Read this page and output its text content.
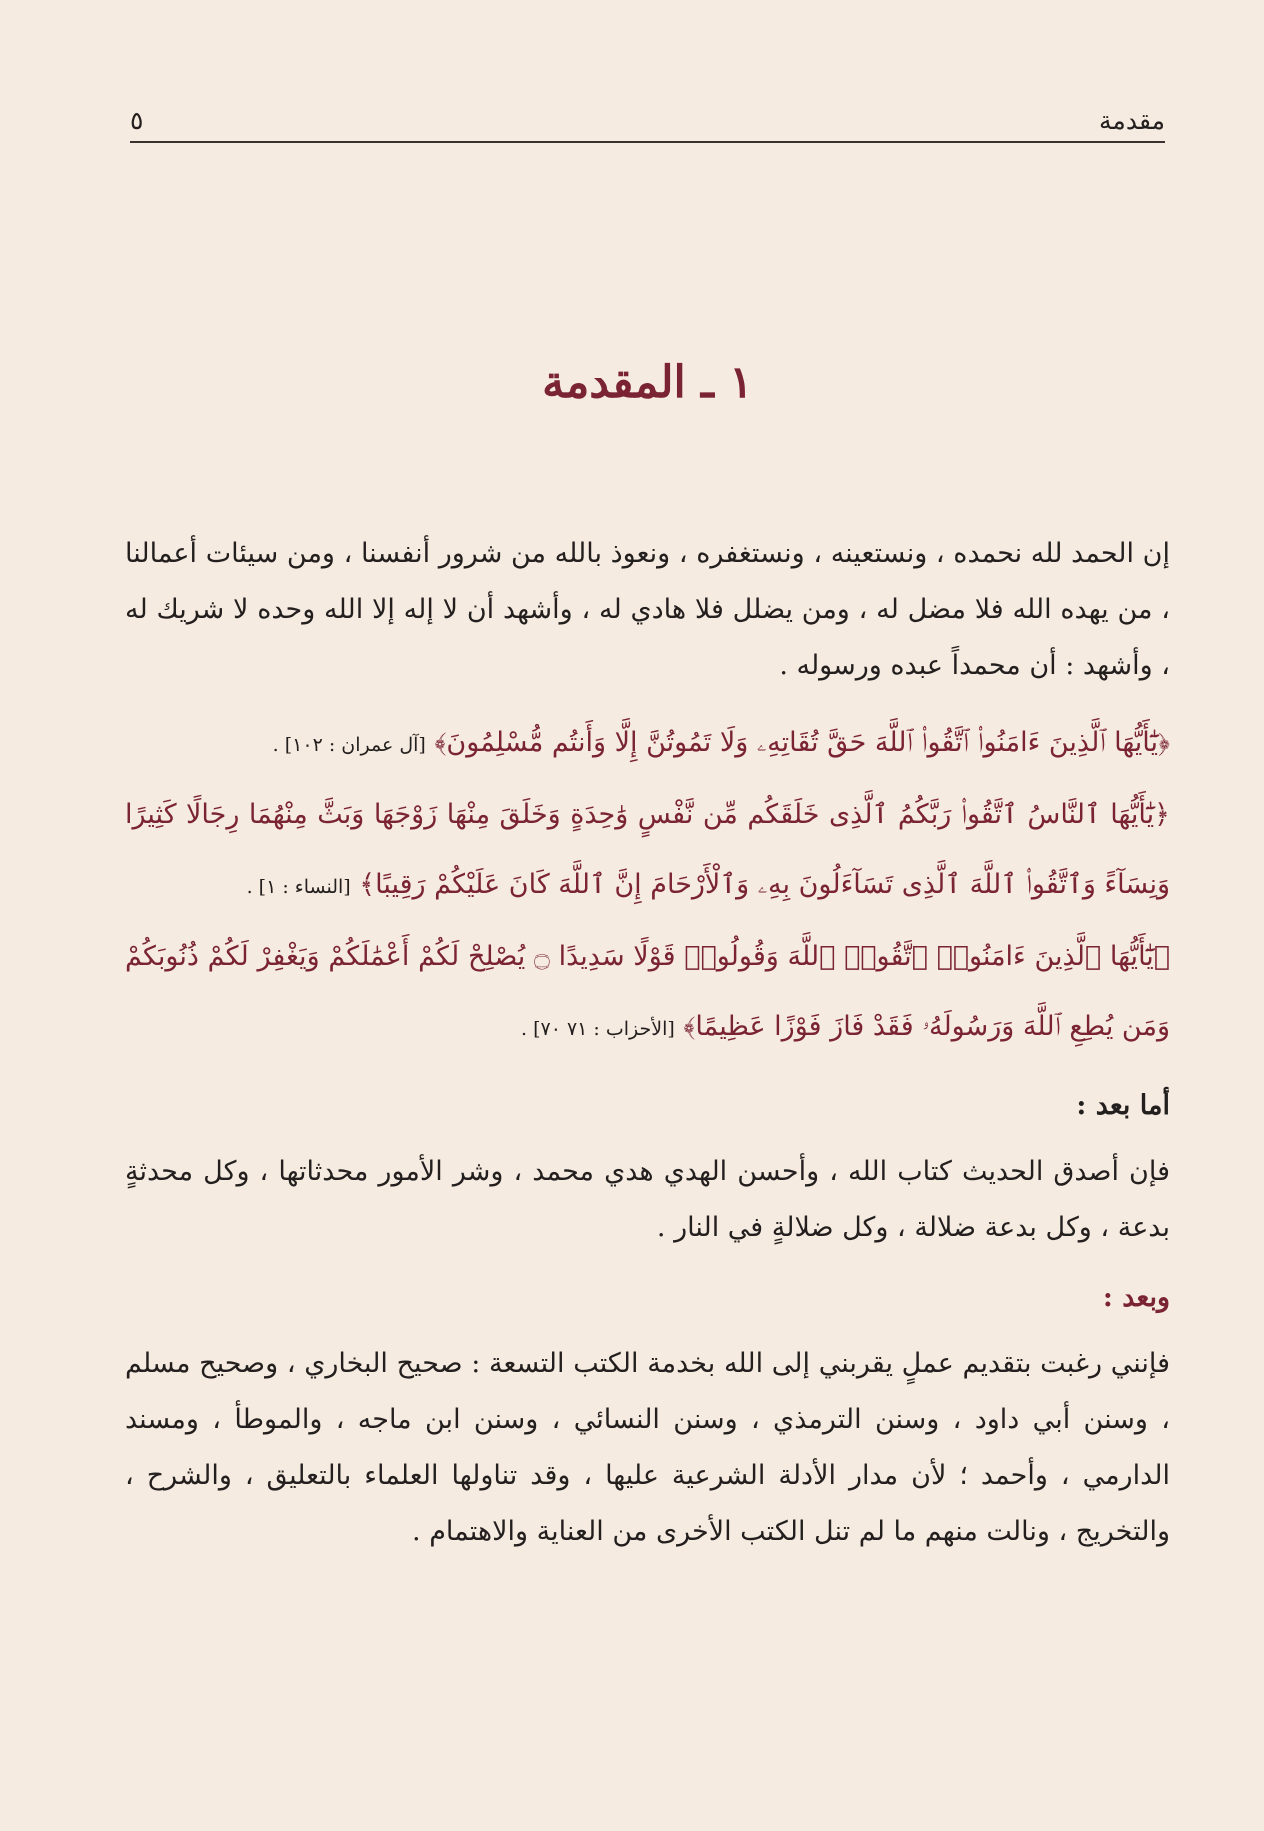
مقدمة
٥
١ ـ المقدمة

إن الحمد لله نحمده ، ونستعينه ، ونستغفره ، ونعوذ بالله من شرور أنفسنا ، ومن سيئات أعمالنا ، من يهده الله فلا مضل له ، ومن يضلل فلا هادي له ، وأشهد أن لا إله إلا الله وحده لا شريك له ، وأشهد : أن محمداً عبده ورسوله .

﴿يَٰٓأَيُّهَا ٱلَّذِينَ ءَامَنُوا۟ ٱتَّقُوا۟ ٱللَّهَ حَقَّ تُقَاتِهِۦ وَلَا تَمُوتُنَّ إِلَّا وَأَنتُم مُّسْلِمُونَ﴾ [آل عمران : ١٠٢] .

﴿يَٰٓأَيُّهَا ٱلنَّاسُ ٱتَّقُوا۟ رَبَّكُمُ ٱلَّذِى خَلَقَكُم مِّن نَّفْسٍ وَٰحِدَةٍ وَخَلَقَ مِنْهَا زَوْجَهَا وَبَثَّ مِنْهُمَا رِجَالًا كَثِيرًا وَنِسَآءً وَٱتَّقُوا۟ ٱللَّهَ ٱلَّذِى تَسَآءَلُونَ بِهِۦ وَٱلْأَرْحَامَ إِنَّ ٱللَّهَ كَانَ عَلَيْكُمْ رَقِيبًا﴾ [النساء : ١] .

﴿يَٰٓأَيُّهَا ٱلَّذِينَ ءَامَنُوا۟ ٱتَّقُوا۟ ٱللَّهَ وَقُولُوا۟ قَوْلًا سَدِيدًا ۝ يُصْلِحْ لَكُمْ أَعْمَٰلَكُمْ وَيَغْفِرْ لَكُمْ ذُنُوبَكُمْ وَمَن يُطِعِ ٱللَّهَ وَرَسُولَهُۥ فَقَدْ فَازَ فَوْزًا عَظِيمًا﴾ [الأحزاب : ٧١ ٧٠] .

أما بعد :

فإن أصدق الحديث كتاب الله ، وأحسن الهدي هدي محمد ، وشر الأمور محدثاتها ، وكل محدثةٍ بدعة ، وكل بدعة ضلالة ، وكل ضلالةٍ في النار .

وبعد :

فإنني رغبت بتقديم عملٍ يقربني إلى الله بخدمة الكتب التسعة : صحيح البخاري ، وصحيح مسلم ، وسنن أبي داود ، وسنن الترمذي ، وسنن النسائي ، وسنن ابن ماجه ، والموطأ ، ومسند الدارمي ، وأحمد ؛ لأن مدار الأدلة الشرعية عليها ، وقد تناولها العلماء بالتعليق ، والشرح ، والتخريج ، ونالت منهم ما لم تنل الكتب الأخرى من العناية والاهتمام .
